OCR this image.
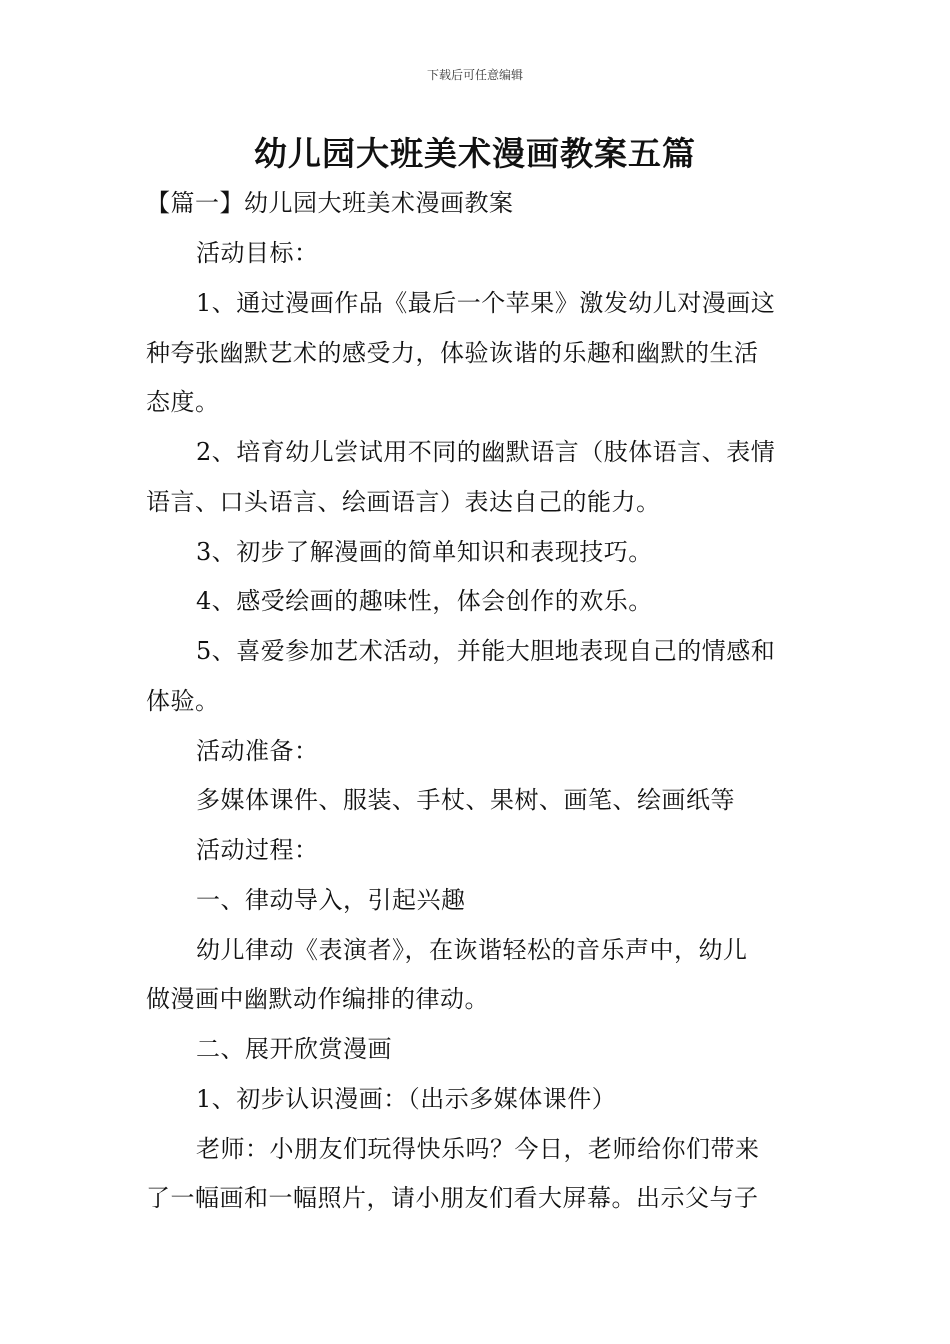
下载后可任意编辑
幼儿园大班美术漫画教案五篇
【篇一】幼儿园大班美术漫画教案
活动目标：
1、通过漫画作品《最后一个苹果》激发幼儿对漫画这
种夸张幽默艺术的感受力，体验诙谐的乐趣和幽默的生活
态度。
2、培育幼儿尝试用不同的幽默语言（肢体语言、表情
语言、口头语言、绘画语言）表达自己的能力。
3、初步了解漫画的简单知识和表现技巧。
4、感受绘画的趣味性，体会创作的欢乐。
5、喜爱参加艺术活动，并能大胆地表现自己的情感和
体验。
活动准备：
多媒体课件、服装、手杖、果树、画笔、绘画纸等
活动过程：
一、律动导入，引起兴趣
幼儿律动《表演者》，在诙谐轻松的音乐声中，幼儿
做漫画中幽默动作编排的律动。
二、展开欣赏漫画
1、初步认识漫画：（出示多媒体课件）
老师：小朋友们玩得快乐吗？今日，老师给你们带来
了一幅画和一幅照片，请小朋友们看大屏幕。出示父与子
